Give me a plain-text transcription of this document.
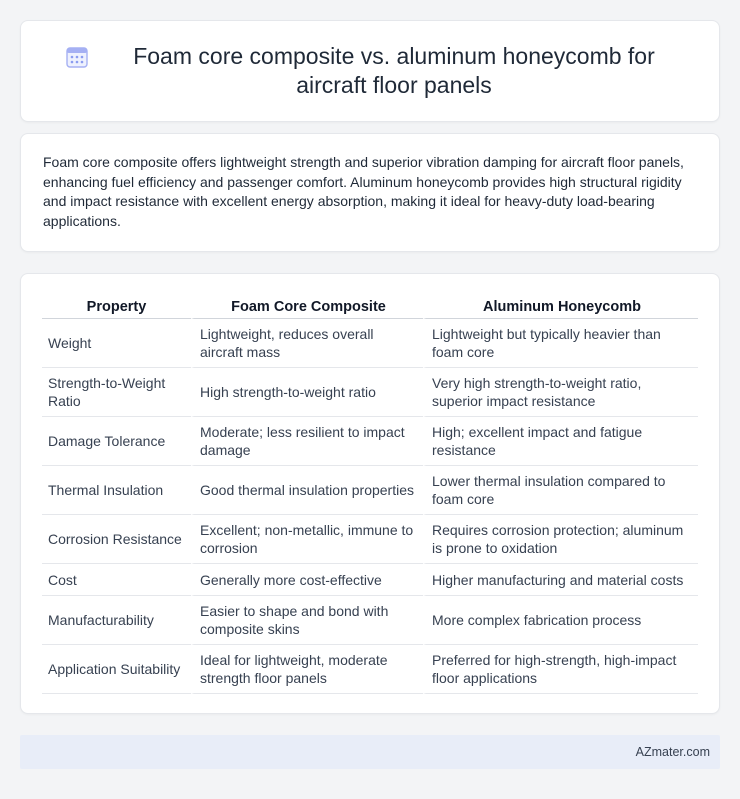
Foam core composite vs. aluminum honeycomb for aircraft floor panels

Foam core composite offers lightweight strength and superior vibration damping for aircraft floor panels, enhancing fuel efficiency and passenger comfort. Aluminum honeycomb provides high structural rigidity and impact resistance with excellent energy absorption, making it ideal for heavy-duty load-bearing applications.

Property	Foam Core Composite	Aluminum Honeycomb
Weight	Lightweight, reduces overall aircraft mass	Lightweight but typically heavier than foam core
Strength-to-Weight Ratio	High strength-to-weight ratio	Very high strength-to-weight ratio, superior impact resistance
Damage Tolerance	Moderate; less resilient to impact damage	High; excellent impact and fatigue resistance
Thermal Insulation	Good thermal insulation properties	Lower thermal insulation compared to foam core
Corrosion Resistance	Excellent; non-metallic, immune to corrosion	Requires corrosion protection; aluminum is prone to oxidation
Cost	Generally more cost-effective	Higher manufacturing and material costs
Manufacturability	Easier to shape and bond with composite skins	More complex fabrication process
Application Suitability	Ideal for lightweight, moderate strength floor panels	Preferred for high-strength, high-impact floor applications
AZmater.com
